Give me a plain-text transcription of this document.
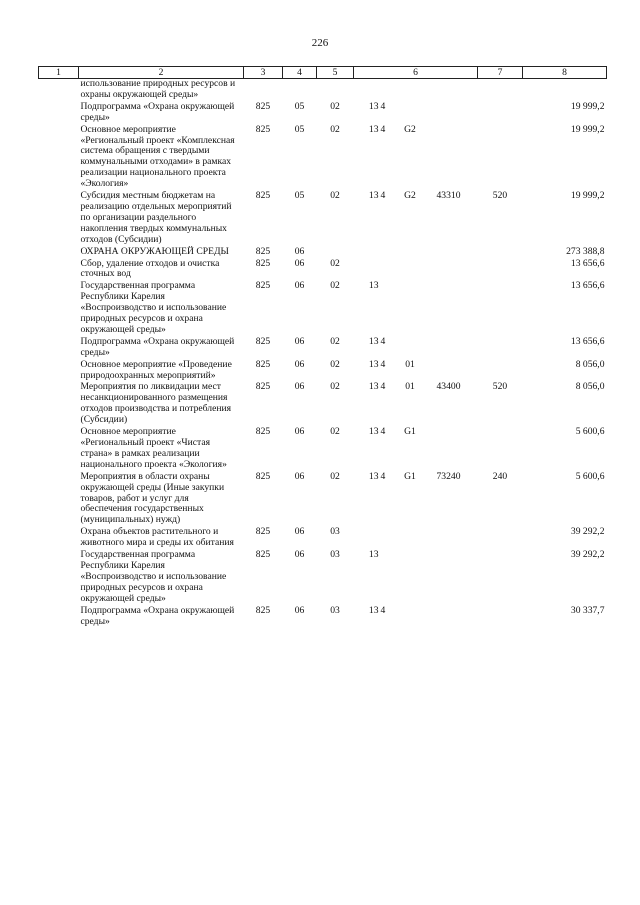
226
1	2	3	4	5	6	7	8
	использование природных ресурсов и охраны окружающей среды»				

	Подпрограмма «Охрана окружающей среды»	825	05	02	13 4		19 999,2
	Основное мероприятие «Региональный проект «Комплексная система обращения с твердыми коммунальными отходами» в рамках реализации национального проекта «Экология»	825	05	02	13 4 G2		19 999,2
	Субсидия местным бюджетам на реализацию отдельных мероприятий по организации раздельного накопления твердых коммунальных отходов (Субсидии)	825	05	02	13 4 G2 43310	520	19 999,2
	ОХРАНА ОКРУЖАЮЩЕЙ СРЕДЫ	825	06				273 388,8
	Сбор, удаление отходов и очистка сточных вод	825	06	02			13 656,6
	Государственная программа Республики Карелия «Воспроизводство и использование природных ресурсов и охрана окружающей среды»	825	06	02	13		13 656,6
	Подпрограмма «Охрана окружающей среды»	825	06	02	13 4		13 656,6
	Основное мероприятие «Проведение природоохранных мероприятий»	825	06	02	13 4 01		8 056,0
	Мероприятия по ликвидации мест несанкционированного размещения отходов производства и потребления (Субсидии)	825	06	02	13 4 01 43400	520	8 056,0
	Основное мероприятие «Региональный проект «Чистая страна» в рамках реализации национального проекта «Экология»	825	06	02	13 4 G1		5 600,6
	Мероприятия в области охраны окружающей среды (Иные закупки товаров, работ и услуг для обеспечения государственных (муниципальных) нужд)	825	06	02	13 4 G1 73240	240	5 600,6
	Охрана объектов растительного и животного мира и среды их обитания	825	06	03			39 292,2
	Государственная программа Республики Карелия «Воспроизводство и использование природных ресурсов и охрана окружающей среды»	825	06	03	13		39 292,2
	Подпрограмма «Охрана окружающей среды»	825	06	03	13 4		30 337,7
